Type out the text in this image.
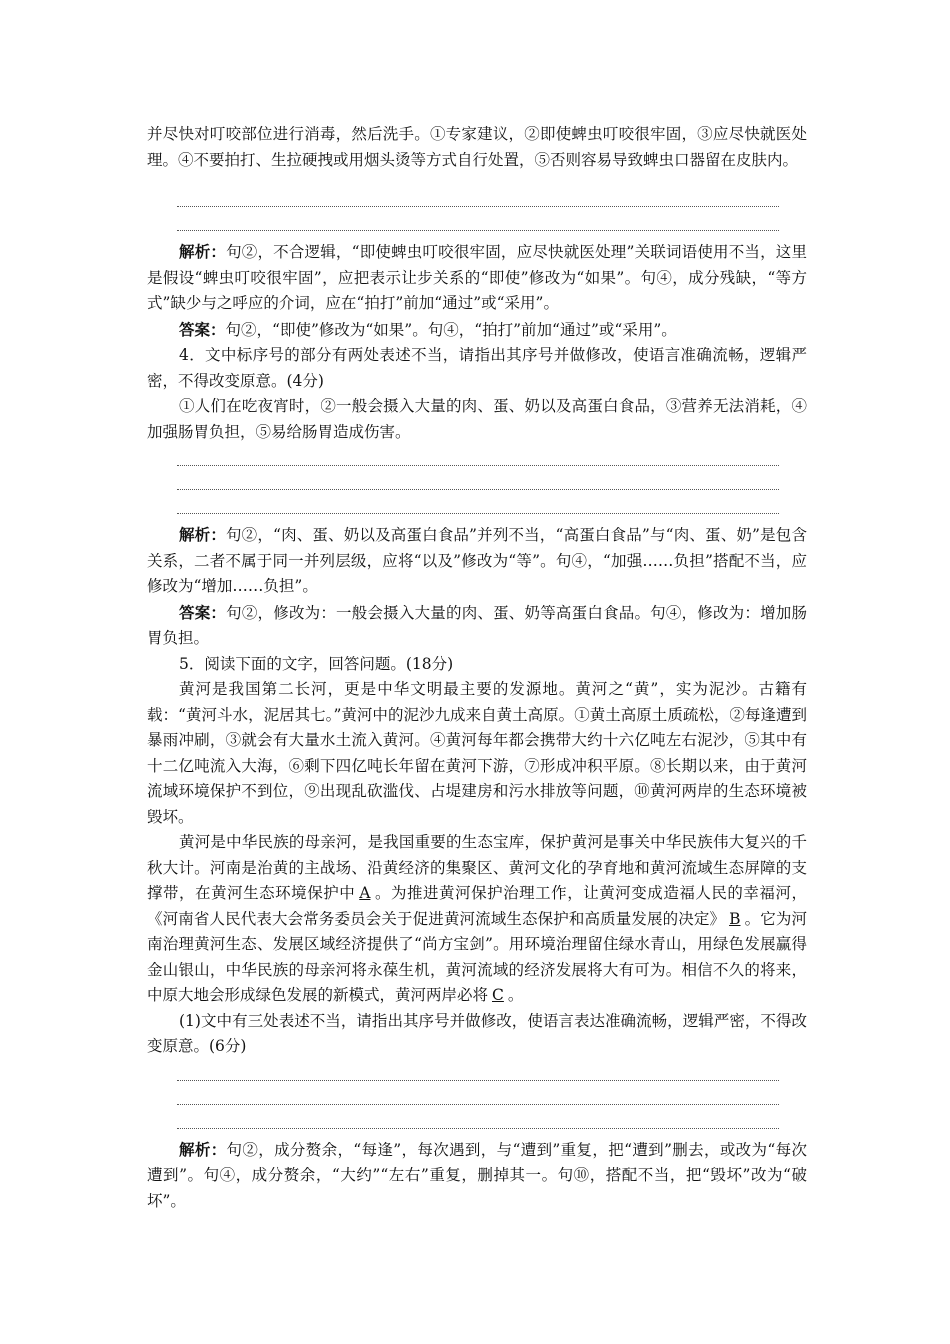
并尽快对叮咬部位进行消毒，然后洗手。①专家建议，②即使蜱虫叮咬很牢固，③应尽快就医处理。④不要拍打、生拉硬拽或用烟头烫等方式自行处置，⑤否则容易导致蜱虫口器留在皮肤内。

解析：句②，不合逻辑，“即使蜱虫叮咬很牢固，应尽快就医处理”关联词语使用不当，这里是假设“蜱虫叮咬很牢固”，应把表示让步关系的“即使”修改为“如果”。句④，成分残缺，“等方式”缺少与之呼应的介词，应在“拍打”前加“通过”或“采用”。

答案：句②，“即使”修改为“如果”。句④，“拍打”前加“通过”或“采用”。

4．文中标序号的部分有两处表述不当，请指出其序号并做修改，使语言准确流畅，逻辑严密，不得改变原意。(4分)

①人们在吃夜宵时，②一般会摄入大量的肉、蛋、奶以及高蛋白食品，③营养无法消耗，④加强肠胃负担，⑤易给肠胃造成伤害。

解析：句②，“肉、蛋、奶以及高蛋白食品”并列不当，“高蛋白食品”与“肉、蛋、奶”是包含关系，二者不属于同一并列层级，应将“以及”修改为“等”。句④，“加强……负担”搭配不当，应修改为“增加……负担”。

答案：句②，修改为：一般会摄入大量的肉、蛋、奶等高蛋白食品。句④，修改为：增加肠胃负担。

5．阅读下面的文字，回答问题。(18分)

黄河是我国第二长河，更是中华文明最主要的发源地。黄河之“黄”，实为泥沙。古籍有载：“黄河斗水，泥居其七。”黄河中的泥沙九成来自黄土高原。①黄土高原土质疏松，②每逢遭到暴雨冲刷，③就会有大量水土流入黄河。④黄河每年都会携带大约十六亿吨左右泥沙，⑤其中有十二亿吨流入大海，⑥剩下四亿吨长年留在黄河下游，⑦形成冲积平原。⑧长期以来，由于黄河流域环境保护不到位，⑨出现乱砍滥伐、占堤建房和污水排放等问题，⑩黄河两岸的生态环境被毁坏。

黄河是中华民族的母亲河，是我国重要的生态宝库，保护黄河是事关中华民族伟大复兴的千秋大计。河南是治黄的主战场、沿黄经济的集聚区、黄河文化的孕育地和黄河流域生态屏障的支撑带，在黄河生态环境保护中 A 。为推进黄河保护治理工作，让黄河变成造福人民的幸福河，《河南省人民代表大会常务委员会关于促进黄河流域生态保护和高质量发展的决定》 B 。它为河南治理黄河生态、发展区域经济提供了“尚方宝剑”。用环境治理留住绿水青山，用绿色发展赢得金山银山，中华民族的母亲河将永葆生机，黄河流域的经济发展将大有可为。相信不久的将来，中原大地会形成绿色发展的新模式，黄河两岸必将 C 。

(1)文中有三处表述不当，请指出其序号并做修改，使语言表达准确流畅，逻辑严密，不得改变原意。(6分)

解析：句②，成分赘余，“每逢”，每次遇到，与“遭到”重复，把“遭到”删去，或改为“每次遭到”。句④，成分赘余，“大约”“左右”重复，删掉其一。句⑩，搭配不当，把“毁坏”改为“破坏”。
